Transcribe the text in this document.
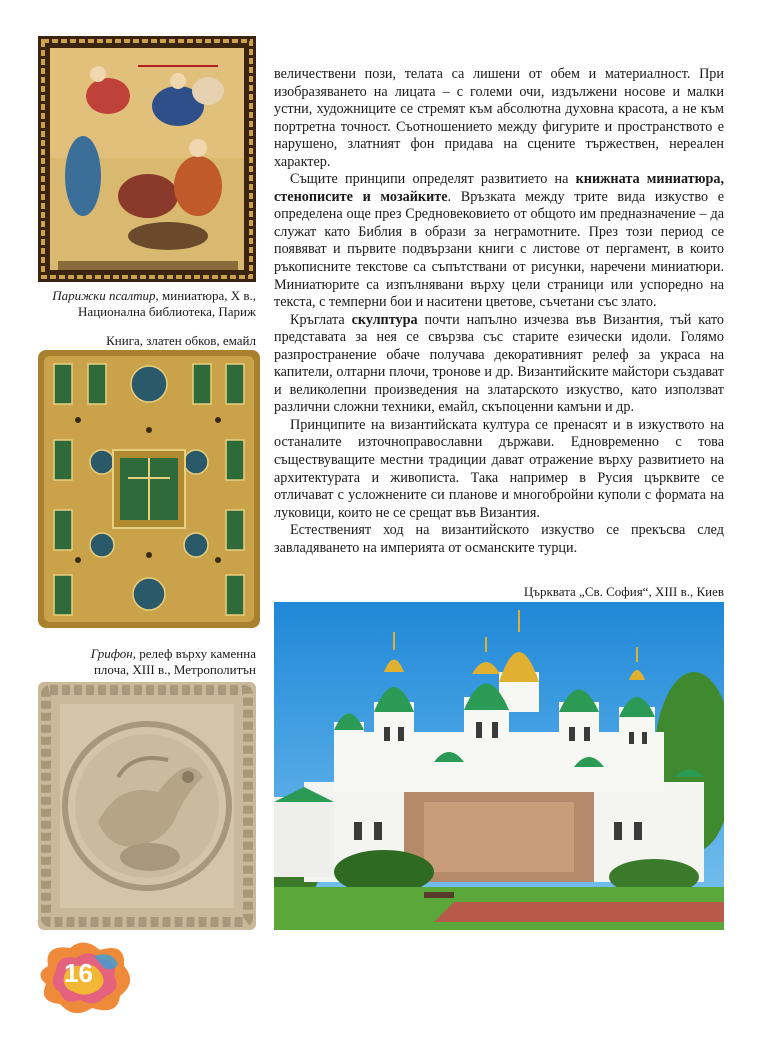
Парижки псалтир, миниатюра, X в.,
Национална библиотека, Париж
Книга, златен обков, емайл
Грифон, релеф върху каменна
плоча, XIII в., Метрополитън

величествени пози, телата са лишени от обем и материалност. При изобразяването на лицата – с големи очи, издължени носове и малки устни, художниците се стремят към абсолютна духовна красота, а не към портретна точност. Съотношението между фигурите и пространството е нарушено, златният фон придава на сцените тържествен, нереален характер.

Същите принципи определят развитието на книжната миниатюра, стенописите и мозайките. Връзката между трите вида изкуство е определена още през Средновековието от общото им предназначение – да служат като Библия в образи за неграмотните. През този период се появяват и първите подвързани книги с листове от пергамент, в които ръкописните текстове са съпътствани от рисунки, наречени миниатюри. Миниатюрите са изпълнявани върху цели страници или успоредно на текста, с темперни бои и наситени цветове, съчетани със злато.

Кръглата скулптура почти напълно изчезва във Византия, тъй като представата за нея се свързва със старите езически идоли. Голямо разпространение обаче получава декоративният релеф за украса на капители, олтарни плочи, тронове и др. Византийските майстори създават и великолепни произведения на златарското изкуство, като използват различни сложни техники, емайл, скъпоценни камъни и др.

Принципите на византийската култура се пренасят и в изкуството на останалите източноправославни държави. Едновременно с това съществуващите местни традиции дават отражение върху развитието на архитектурата и живописта. Така например в Русия църквите се отличават с усложнените си планове и многобройни куполи с формата на луковици, които не се срещат във Византия.

Естественият ход на византийското изкуство се прекъсва след завладяването на империята от османските турци.

Църквата „Св. София“, XIII в., Киев
16
